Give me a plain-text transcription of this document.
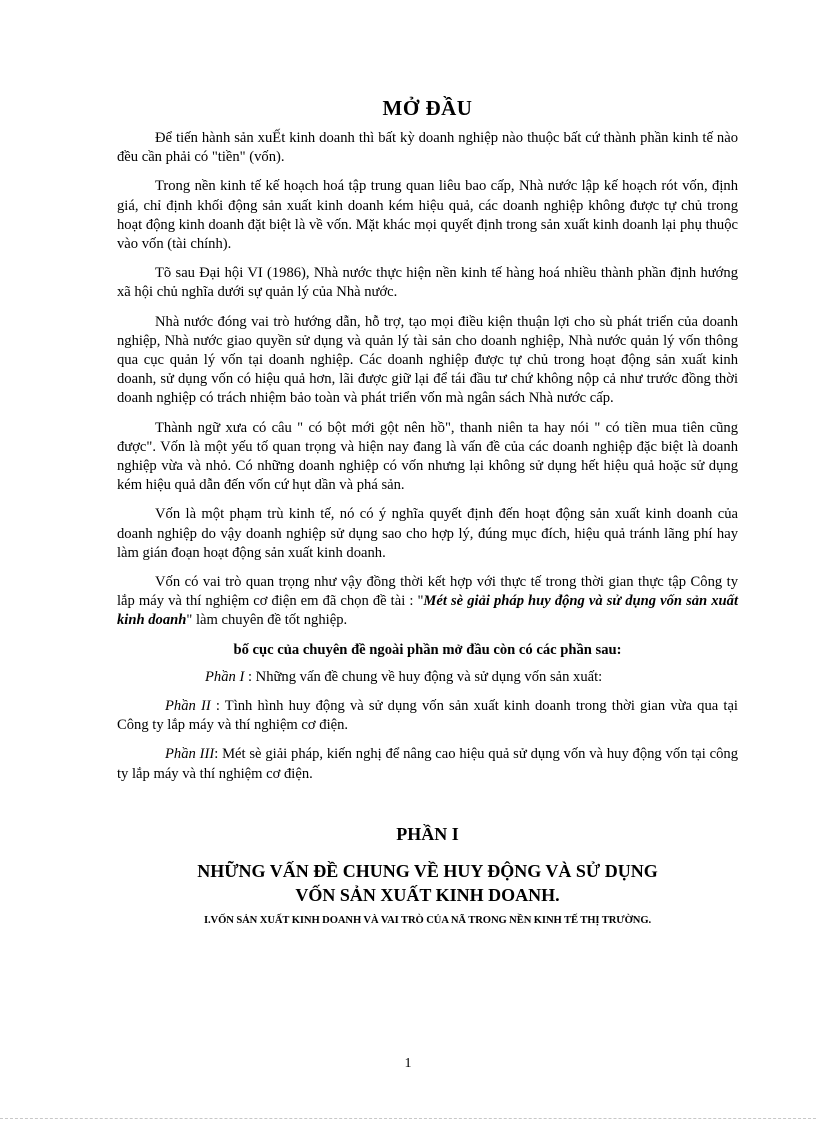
MỞ ĐẦU

Để tiến hành sản xuẾt kinh doanh thì bất kỳ doanh nghiệp nào thuộc bất cứ thành phần kinh tế nào đều cần phải có "tiền" (vốn).

Trong nền kinh tế kế hoạch hoá tập trung quan liêu bao cấp, Nhà nước lập kế hoạch rót vốn, định giá, chỉ định khối động sản xuất kinh doanh kém hiệu quả, các doanh nghiệp không được tự chủ trong hoạt động kinh doanh đặt biệt là về vốn. Mặt khác mọi quyết định trong sản xuất kinh doanh lại phụ thuộc vào vốn (tài chính).

Tõ sau Đại hội VI (1986), Nhà nước thực hiện nền kinh tế hàng hoá nhiều thành phần định hướng xã hội chủ nghĩa dưới sự quản lý của Nhà nước.

Nhà nước đóng vai trò hướng dẫn, hỗ trợ, tạo mọi điều kiện thuận lợi cho sù phát triển của doanh nghiệp, Nhà nước giao quyền sử dụng và quản lý tài sản cho doanh nghiệp, Nhà nước quản lý vốn thông qua cục quản lý vốn tại doanh nghiệp. Các doanh nghiệp được tự chủ trong hoạt động sản xuất kinh doanh, sử dụng vốn có hiệu quả hơn, lãi được giữ lại để tái đầu tư chứ không nộp cả như trước đồng thời doanh nghiệp có trách nhiệm bảo toàn và phát triển vốn mà ngân sách Nhà nước cấp.

Thành ngữ xưa có câu " có bột mới gột nên hồ", thanh niên ta hay nói " có tiền mua tiên cũng được". Vốn là một yếu tố quan trọng và hiện nay đang là vấn đề của các doanh nghiệp đặc biệt là doanh nghiệp vừa và nhỏ. Có những doanh nghiệp có vốn nhưng lại không sử dụng hết hiệu quả hoặc sử dụng kém hiệu quả dẫn đến vốn cứ hụt dần và phá sản.

Vốn là một phạm trù kinh tế, nó có ý nghĩa quyết định đến hoạt động sản xuất kinh doanh của doanh nghiệp do vậy doanh nghiệp sử dụng sao cho hợp lý, đúng mục đích, hiệu quả tránh lãng phí hay làm gián đoạn hoạt động sản xuất kinh doanh.

Vốn có vai trò quan trọng như vậy đồng thời kết hợp với thực tế trong thời gian thực tập Công ty lắp máy và thí nghiệm cơ điện em đã chọn đề tài : "Mét sè giải pháp huy động và sử dụng vốn sản xuất kinh doanh" làm chuyên đề tốt nghiệp.

bố cục của chuyên đề ngoài phần mở đầu còn có các phần sau:

Phần I : Những vấn đề chung về huy động và sử dụng vốn sản xuất:

Phần II : Tình hình huy động và sử dụng vốn sản xuất kinh doanh trong thời gian vừa qua tại Công ty lắp máy và thí nghiệm cơ điện.

Phần III: Mét sè giải pháp, kiến nghị để nâng cao hiệu quả sử dụng vốn và huy động vốn tại công ty lắp máy và thí nghiệm cơ điện.

PHẦN I
NHỮNG VẤN ĐỀ CHUNG VỀ HUY ĐỘNG VÀ SỬ DỤNG
VỐN SẢN XUẤT KINH DOANH.
I.VỐN SẢN XUẤT KINH DOANH VÀ VAI TRÒ CỦA NÃ TRONG NỀN KINH TẾ THỊ TRƯỜNG.
1
